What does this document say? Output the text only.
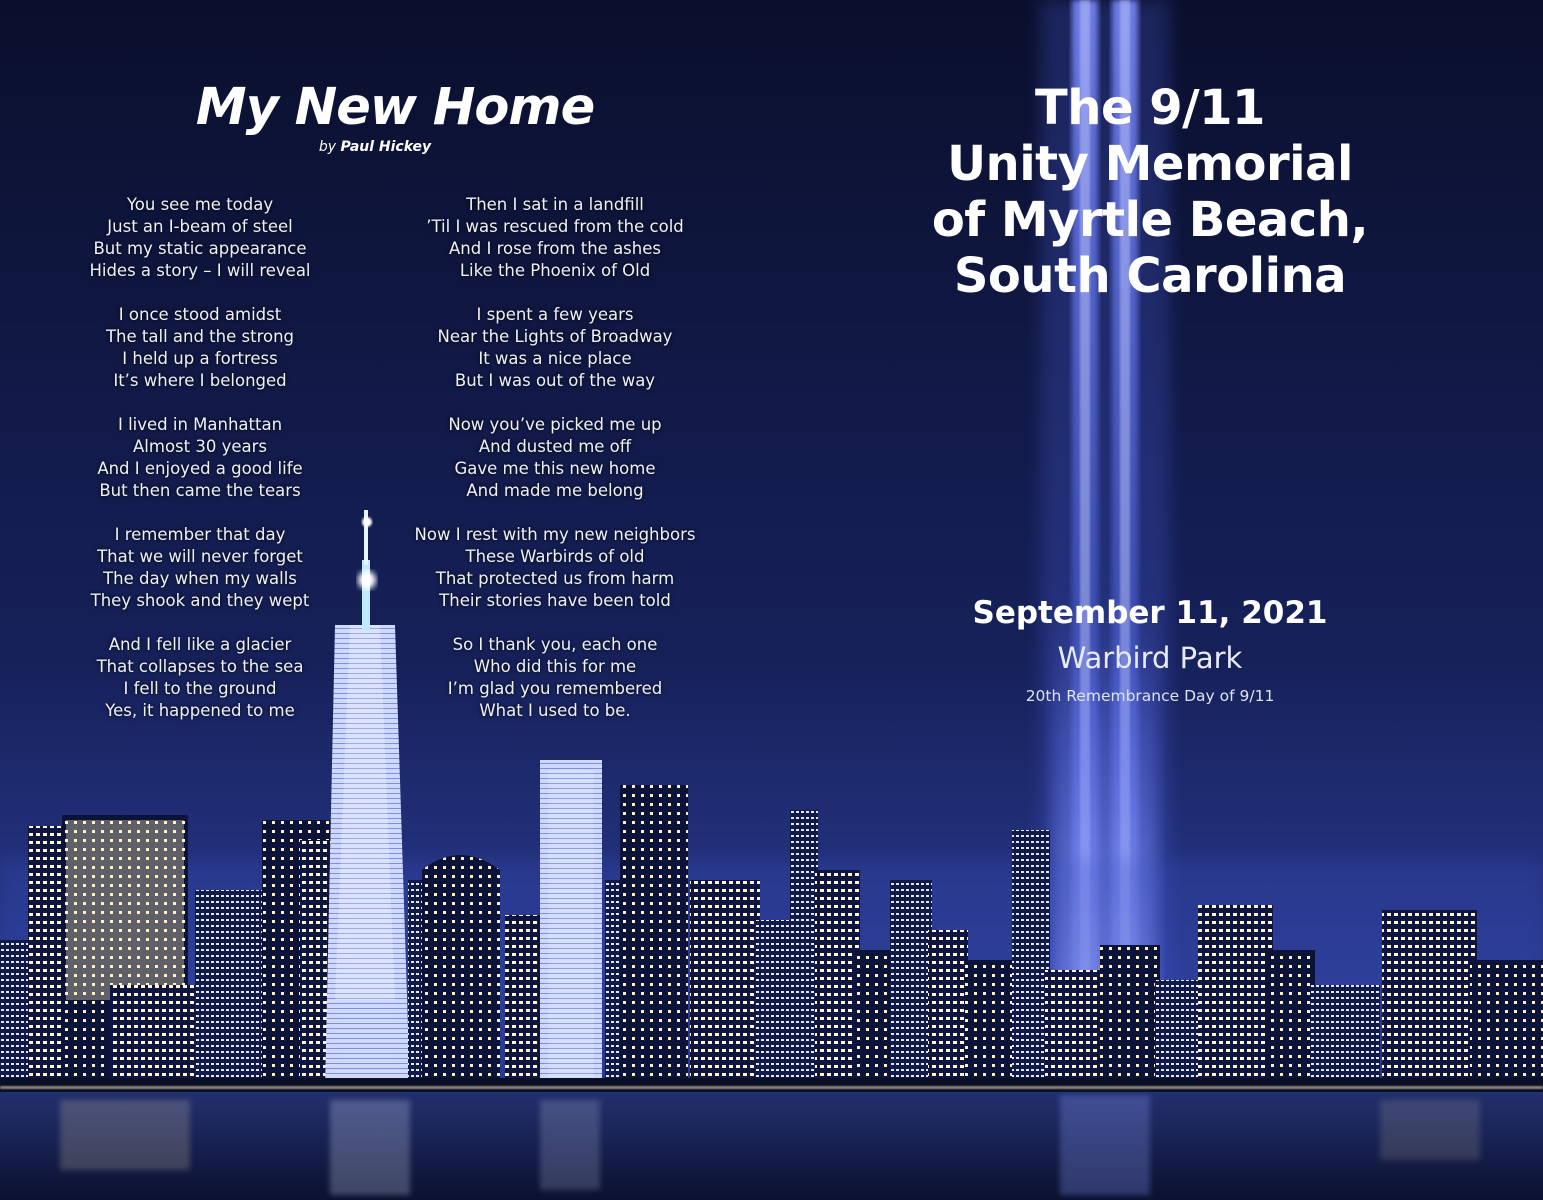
My New Home
by Paul Hickey
You see me today
Just an I-beam of steel
But my static appearance
Hides a story – I will reveal
I once stood amidst
The tall and the strong
I held up a fortress
It’s where I belonged
I lived in Manhattan
Almost 30 years
And I enjoyed a good life
But then came the tears
I remember that day
That we will never forget
The day when my walls
They shook and they wept
And I fell like a glacier
That collapses to the sea
I fell to the ground
Yes, it happened to me
Then I sat in a landfill
’Til I was rescued from the cold
And I rose from the ashes
Like the Phoenix of Old
I spent a few years
Near the Lights of Broadway
It was a nice place
But I was out of the way
Now you’ve picked me up
And dusted me off
Gave me this new home
And made me belong
Now I rest with my new neighbors
These Warbirds of old
That protected us from harm
Their stories have been told
So I thank you, each one
Who did this for me
I’m glad you remembered
What I used to be.
The 9/11
Unity Memorial
of Myrtle Beach,
South Carolina
September 11, 2021
Warbird Park
20th Remembrance Day of 9/11
